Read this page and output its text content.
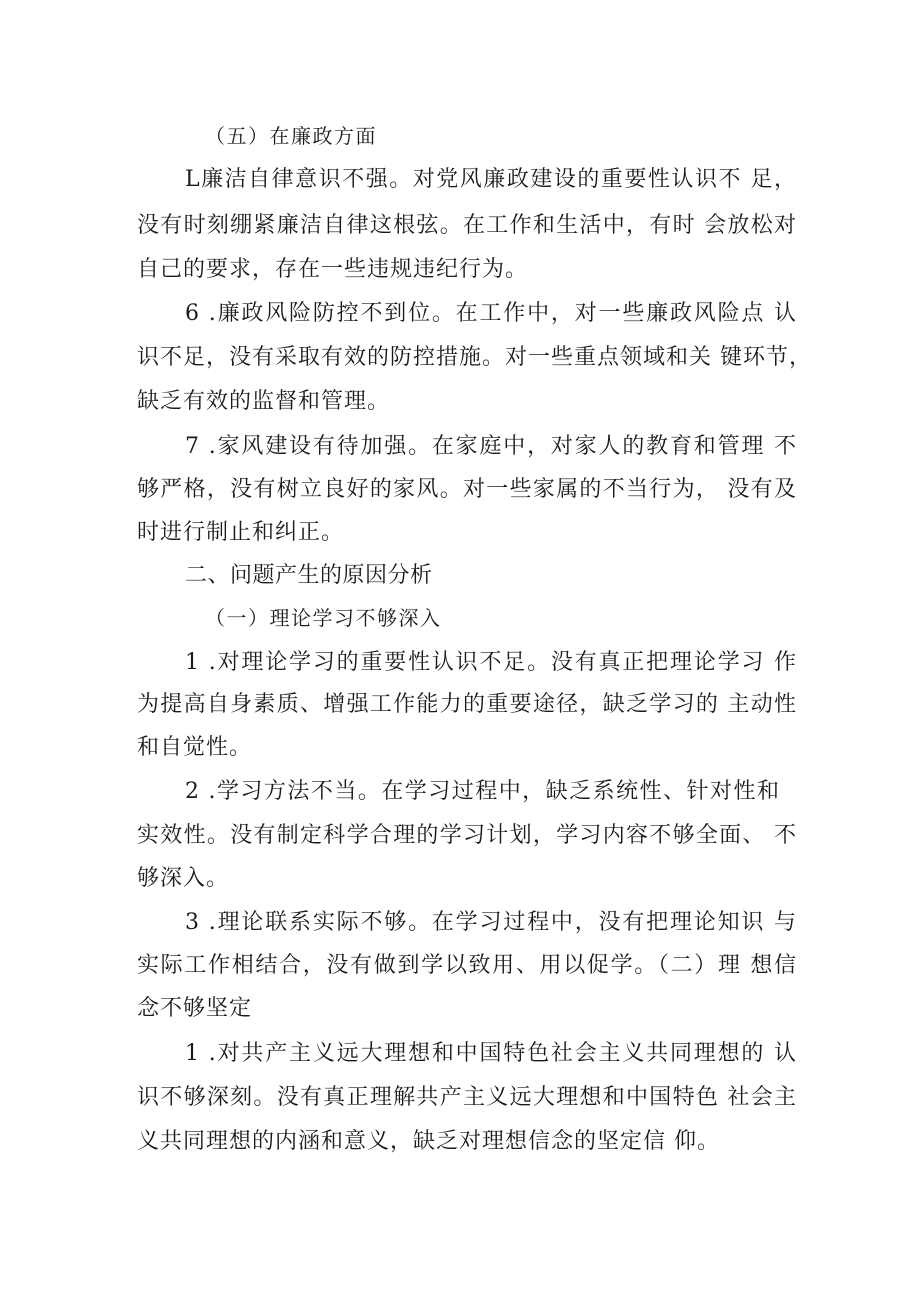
（五）在廉政方面
L廉洁自律意识不强。对党风廉政建设的重要性认识不 足，
没有时刻绷紧廉洁自律这根弦。在工作和生活中，有时 会放松对
自己的要求，存在一些违规违纪行为。
6 .廉政风险防控不到位。在工作中，对一些廉政风险点 认
识不足，没有采取有效的防控措施。对一些重点领域和关 键环节，
缺乏有效的监督和管理。
7 .家风建设有待加强。在家庭中，对家人的教育和管理 不
够严格，没有树立良好的家风。对一些家属的不当行为， 没有及
时进行制止和纠正。
二、问题产生的原因分析
（一）理论学习不够深入
1 .对理论学习的重要性认识不足。没有真正把理论学习 作
为提高自身素质、增强工作能力的重要途径，缺乏学习的 主动性
和自觉性。
2 .学习方法不当。在学习过程中，缺乏系统性、针对性和
实效性。没有制定科学合理的学习计划，学习内容不够全面、 不
够深入。
3 .理论联系实际不够。在学习过程中，没有把理论知识 与
实际工作相结合，没有做到学以致用、用以促学。（二）理 想信
念不够坚定
1 .对共产主义远大理想和中国特色社会主义共同理想的 认
识不够深刻。没有真正理解共产主义远大理想和中国特色 社会主
义共同理想的内涵和意义，缺乏对理想信念的坚定信 仰。
